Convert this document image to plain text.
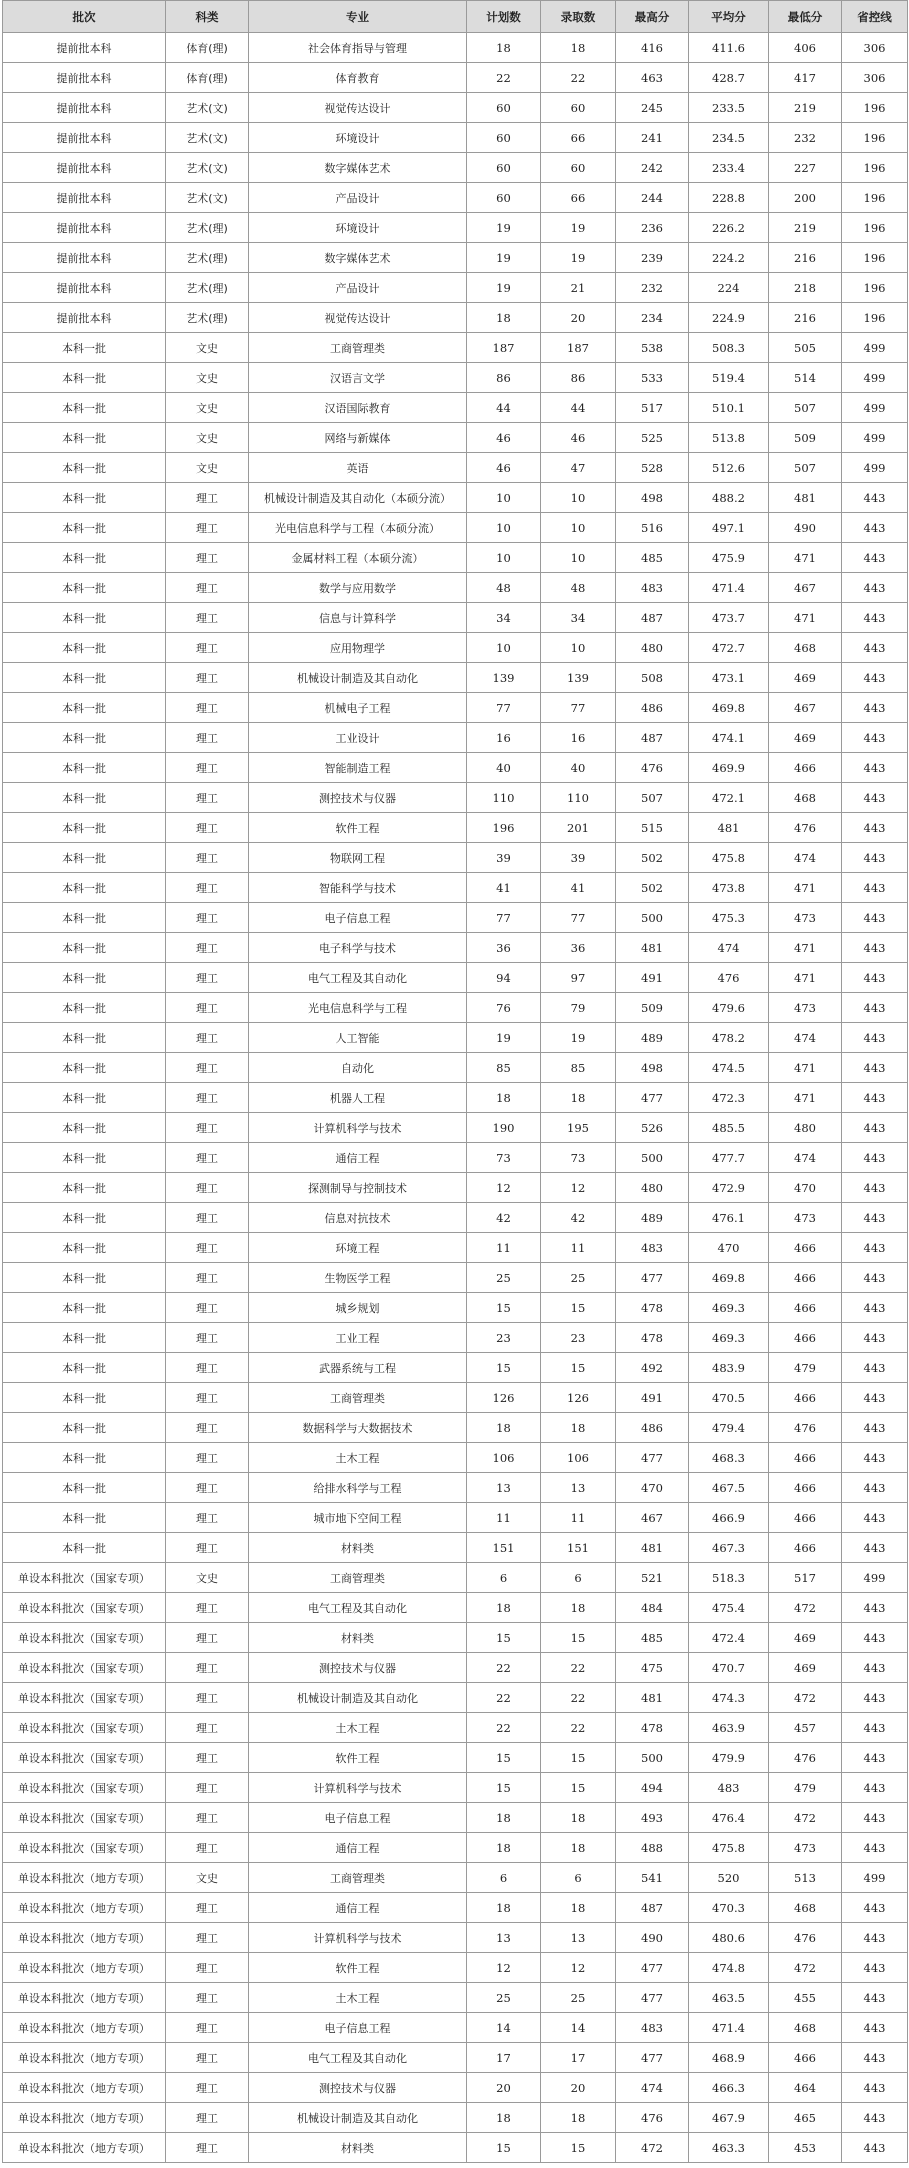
批次	科类	专业	计划数	录取数	最高分	平均分	最低分	省控线
提前批本科	体育(理)	社会体育指导与管理	18	18	416	411.6	406	306
提前批本科	体育(理)	体育教育	22	22	463	428.7	417	306
提前批本科	艺术(文)	视觉传达设计	60	60	245	233.5	219	196
提前批本科	艺术(文)	环境设计	60	66	241	234.5	232	196
提前批本科	艺术(文)	数字媒体艺术	60	60	242	233.4	227	196
提前批本科	艺术(文)	产品设计	60	66	244	228.8	200	196
提前批本科	艺术(理)	环境设计	19	19	236	226.2	219	196
提前批本科	艺术(理)	数字媒体艺术	19	19	239	224.2	216	196
提前批本科	艺术(理)	产品设计	19	21	232	224	218	196
提前批本科	艺术(理)	视觉传达设计	18	20	234	224.9	216	196
本科一批	文史	工商管理类	187	187	538	508.3	505	499
本科一批	文史	汉语言文学	86	86	533	519.4	514	499
本科一批	文史	汉语国际教育	44	44	517	510.1	507	499
本科一批	文史	网络与新媒体	46	46	525	513.8	509	499
本科一批	文史	英语	46	47	528	512.6	507	499
本科一批	理工	机械设计制造及其自动化（本硕分流）	10	10	498	488.2	481	443
本科一批	理工	光电信息科学与工程（本硕分流）	10	10	516	497.1	490	443
本科一批	理工	金属材料工程（本硕分流）	10	10	485	475.9	471	443
本科一批	理工	数学与应用数学	48	48	483	471.4	467	443
本科一批	理工	信息与计算科学	34	34	487	473.7	471	443
本科一批	理工	应用物理学	10	10	480	472.7	468	443
本科一批	理工	机械设计制造及其自动化	139	139	508	473.1	469	443
本科一批	理工	机械电子工程	77	77	486	469.8	467	443
本科一批	理工	工业设计	16	16	487	474.1	469	443
本科一批	理工	智能制造工程	40	40	476	469.9	466	443
本科一批	理工	测控技术与仪器	110	110	507	472.1	468	443
本科一批	理工	软件工程	196	201	515	481	476	443
本科一批	理工	物联网工程	39	39	502	475.8	474	443
本科一批	理工	智能科学与技术	41	41	502	473.8	471	443
本科一批	理工	电子信息工程	77	77	500	475.3	473	443
本科一批	理工	电子科学与技术	36	36	481	474	471	443
本科一批	理工	电气工程及其自动化	94	97	491	476	471	443
本科一批	理工	光电信息科学与工程	76	79	509	479.6	473	443
本科一批	理工	人工智能	19	19	489	478.2	474	443
本科一批	理工	自动化	85	85	498	474.5	471	443
本科一批	理工	机器人工程	18	18	477	472.3	471	443
本科一批	理工	计算机科学与技术	190	195	526	485.5	480	443
本科一批	理工	通信工程	73	73	500	477.7	474	443
本科一批	理工	探测制导与控制技术	12	12	480	472.9	470	443
本科一批	理工	信息对抗技术	42	42	489	476.1	473	443
本科一批	理工	环境工程	11	11	483	470	466	443
本科一批	理工	生物医学工程	25	25	477	469.8	466	443
本科一批	理工	城乡规划	15	15	478	469.3	466	443
本科一批	理工	工业工程	23	23	478	469.3	466	443
本科一批	理工	武器系统与工程	15	15	492	483.9	479	443
本科一批	理工	工商管理类	126	126	491	470.5	466	443
本科一批	理工	数据科学与大数据技术	18	18	486	479.4	476	443
本科一批	理工	土木工程	106	106	477	468.3	466	443
本科一批	理工	给排水科学与工程	13	13	470	467.5	466	443
本科一批	理工	城市地下空间工程	11	11	467	466.9	466	443
本科一批	理工	材料类	151	151	481	467.3	466	443
单设本科批次（国家专项）	文史	工商管理类	6	6	521	518.3	517	499
单设本科批次（国家专项）	理工	电气工程及其自动化	18	18	484	475.4	472	443
单设本科批次（国家专项）	理工	材料类	15	15	485	472.4	469	443
单设本科批次（国家专项）	理工	测控技术与仪器	22	22	475	470.7	469	443
单设本科批次（国家专项）	理工	机械设计制造及其自动化	22	22	481	474.3	472	443
单设本科批次（国家专项）	理工	土木工程	22	22	478	463.9	457	443
单设本科批次（国家专项）	理工	软件工程	15	15	500	479.9	476	443
单设本科批次（国家专项）	理工	计算机科学与技术	15	15	494	483	479	443
单设本科批次（国家专项）	理工	电子信息工程	18	18	493	476.4	472	443
单设本科批次（国家专项）	理工	通信工程	18	18	488	475.8	473	443
单设本科批次（地方专项）	文史	工商管理类	6	6	541	520	513	499
单设本科批次（地方专项）	理工	通信工程	18	18	487	470.3	468	443
单设本科批次（地方专项）	理工	计算机科学与技术	13	13	490	480.6	476	443
单设本科批次（地方专项）	理工	软件工程	12	12	477	474.8	472	443
单设本科批次（地方专项）	理工	土木工程	25	25	477	463.5	455	443
单设本科批次（地方专项）	理工	电子信息工程	14	14	483	471.4	468	443
单设本科批次（地方专项）	理工	电气工程及其自动化	17	17	477	468.9	466	443
单设本科批次（地方专项）	理工	测控技术与仪器	20	20	474	466.3	464	443
单设本科批次（地方专项）	理工	机械设计制造及其自动化	18	18	476	467.9	465	443
单设本科批次（地方专项）	理工	材料类	15	15	472	463.3	453	443
